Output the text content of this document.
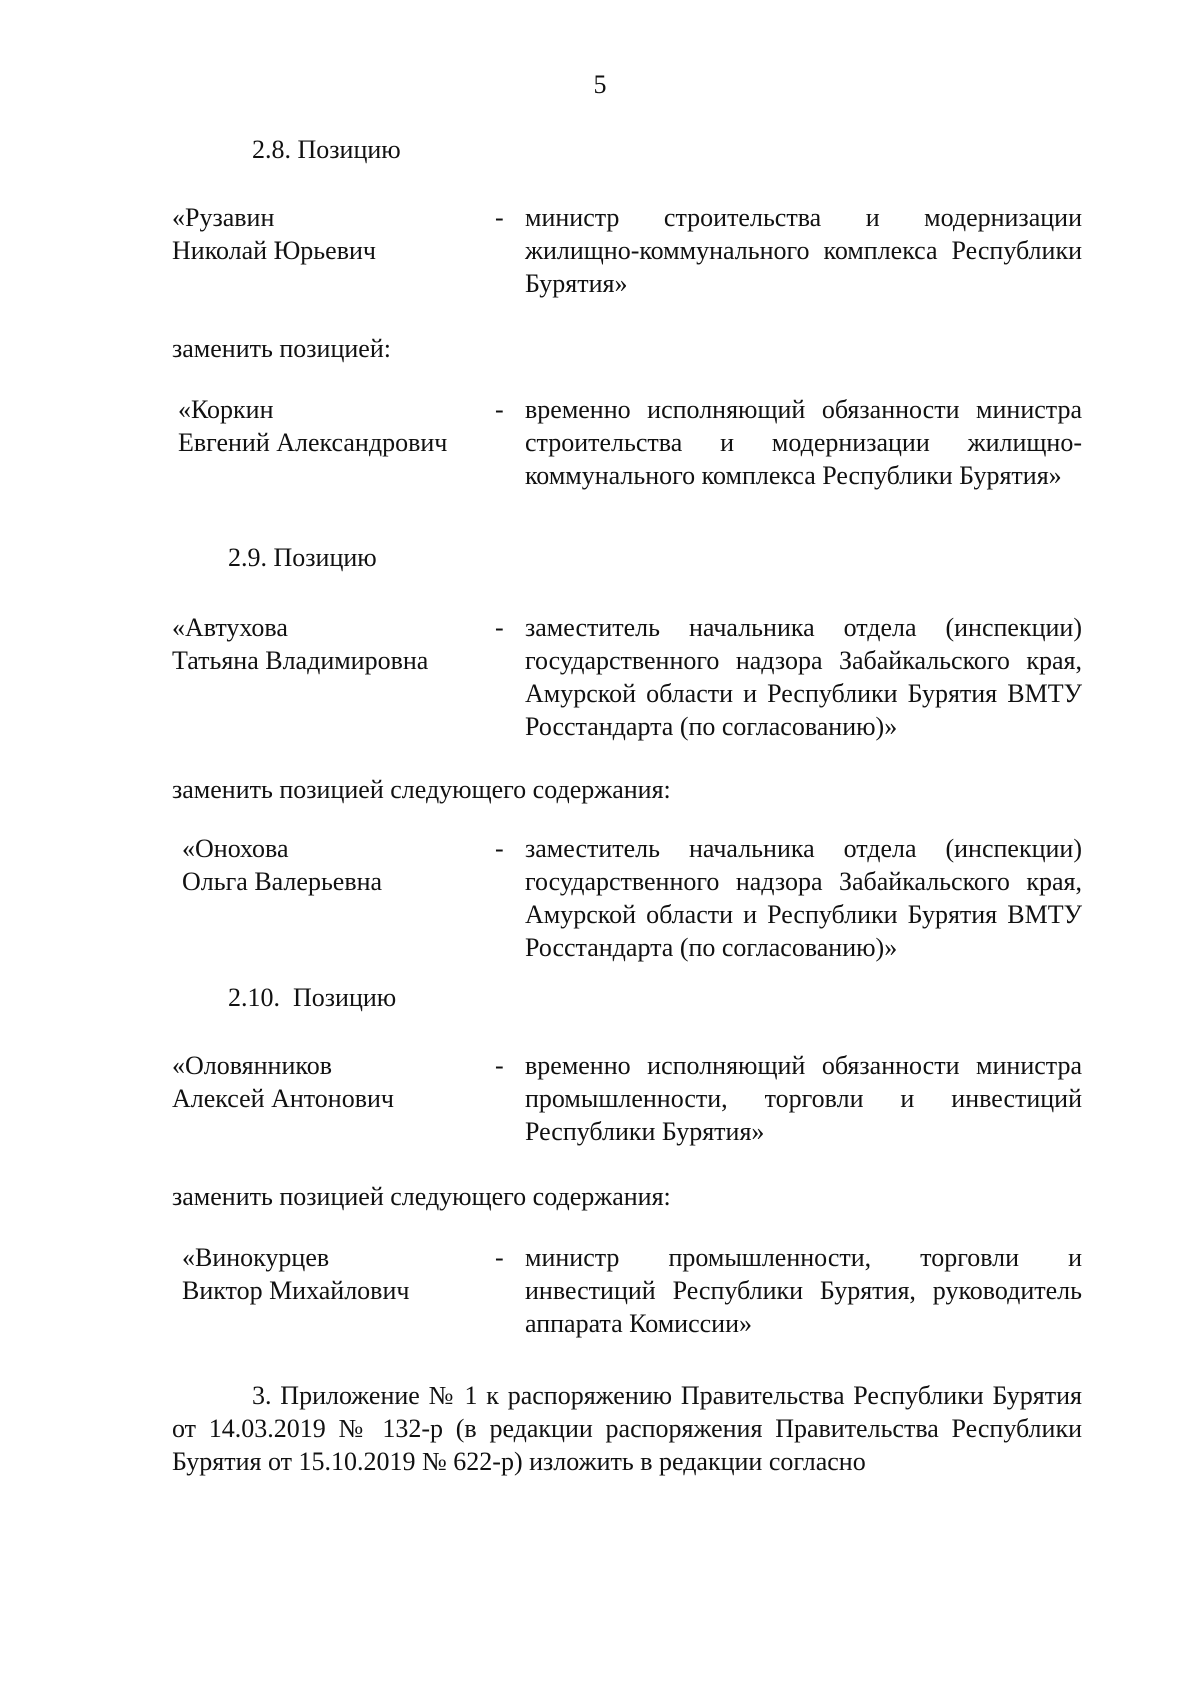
5
2.8. Позицию
«Рузавин
Николай Юрьевич
- министр строительства и модернизации жилищно-коммунального комплекса Республики Бурятия»
заменить позицией:
«Коркин
Евгений Александрович
- временно исполняющий обязанности министра строительства и модернизации жилищно-коммунального комплекса Республики Бурятия»
2.9. Позицию
«Автухова
Татьяна Владимировна
- заместитель начальника отдела (инспекции) государственного надзора Забайкальского края, Амурской области и Республики Бурятия ВМТУ Росстандарта (по согласованию)»
заменить позицией следующего содержания:
«Онохова
Ольга Валерьевна
- заместитель начальника отдела (инспекции) государственного надзора Забайкальского края, Амурской области и Республики Бурятия ВМТУ Росстандарта (по согласованию)»
2.10.  Позицию
«Оловянников
Алексей Антонович
- временно исполняющий обязанности министра промышленности, торговли и инвестиций Республики Бурятия»
заменить позицией следующего содержания:
«Винокурцев
Виктор Михайлович
- министр промышленности, торговли и инвестиций Республики Бурятия, руководитель аппарата Комиссии»
3. Приложение № 1 к распоряжению Правительства Республики Бурятия от 14.03.2019 № 132-р (в редакции распоряжения Правительства Республики Бурятия от 15.10.2019 № 622-р) изложить в редакции согласно
